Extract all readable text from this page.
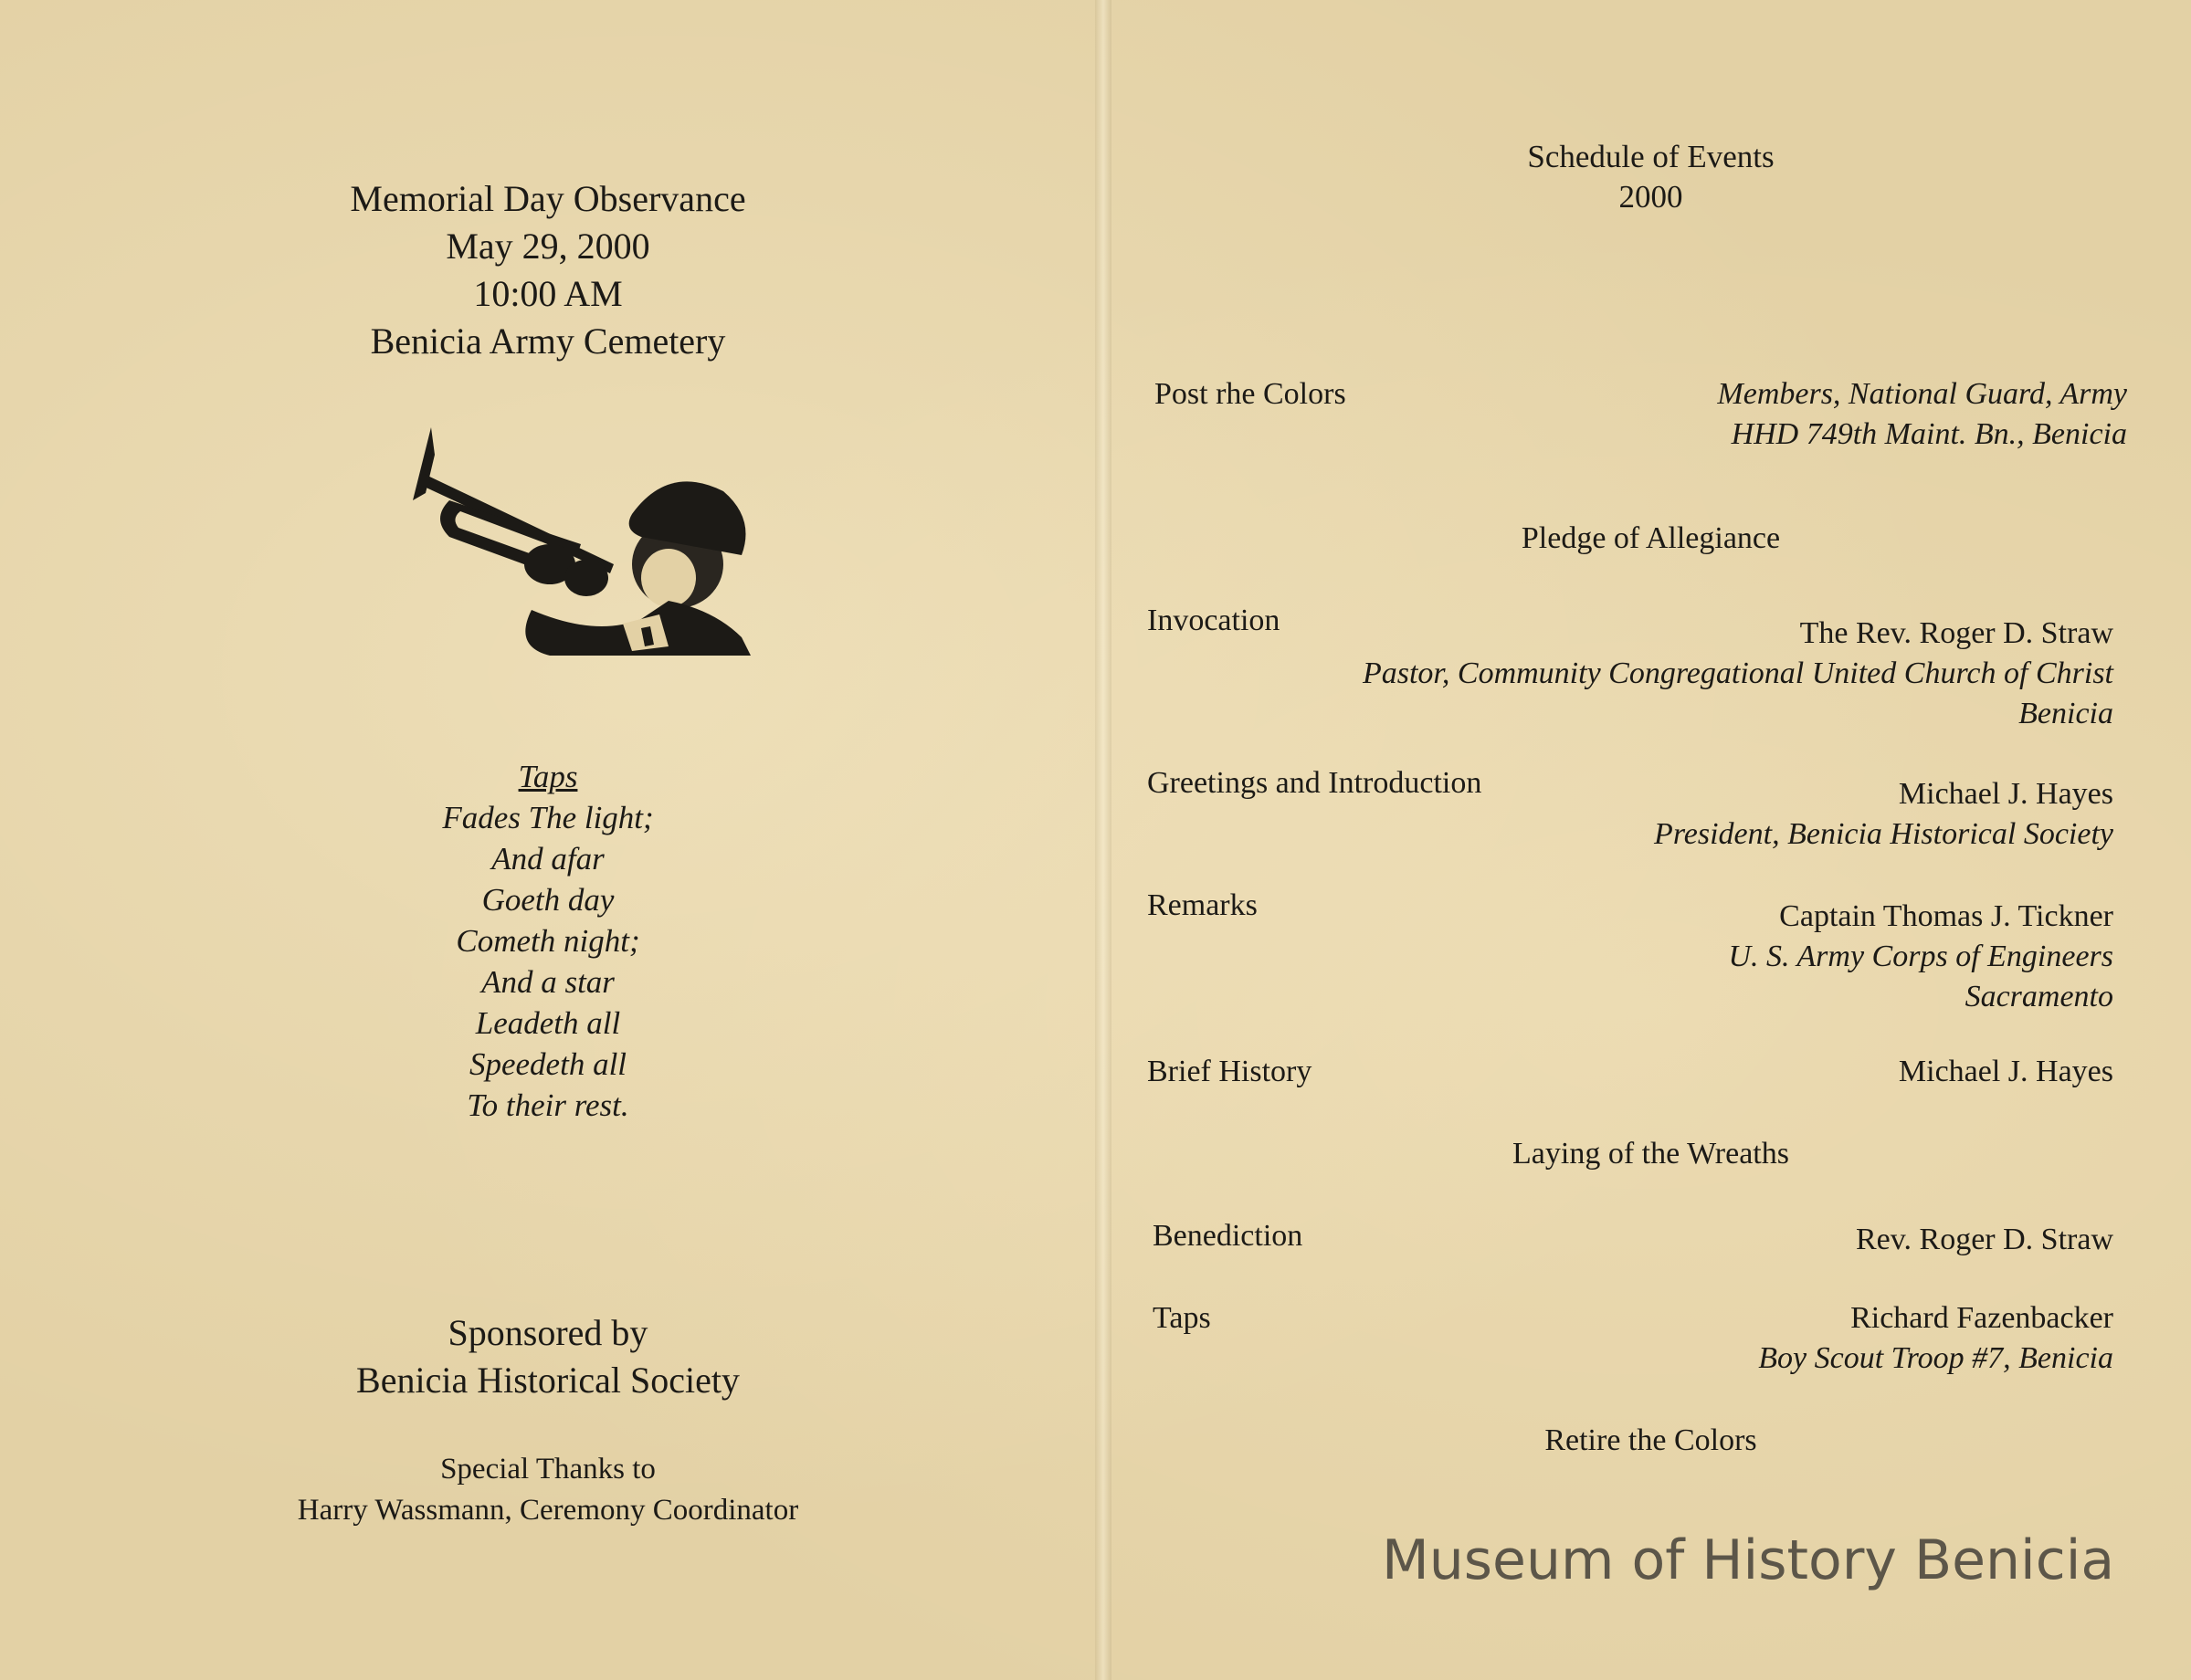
Memorial Day Observance
May 29, 2000
10:00 AM
Benicia Army Cemetery
Taps
Fades The light;
And afar
Goeth day
Cometh night;
And a star
Leadeth all
Speedeth all
To their rest.
Sponsored by
Benicia Historical Society
Special Thanks to
Harry Wassmann, Ceremony Coordinator
Schedule of Events
2000
Post rhe Colors	Members, National Guard, Army
HHD 749th Maint. Bn., Benicia
Pledge of Allegiance
Invocation	The Rev. Roger D. Straw
Pastor, Community Congregational United Church of Christ
Benicia
Greetings and Introduction	Michael J. Hayes
President, Benicia Historical Society
Remarks	Captain Thomas J. Tickner
U. S. Army Corps of Engineers
Sacramento
Brief History	Michael J. Hayes
Laying of the Wreaths
Benediction	Rev. Roger D. Straw
Taps	Richard Fazenbacker
Boy Scout Troop #7, Benicia
Retire the Colors
Museum of History Benicia
